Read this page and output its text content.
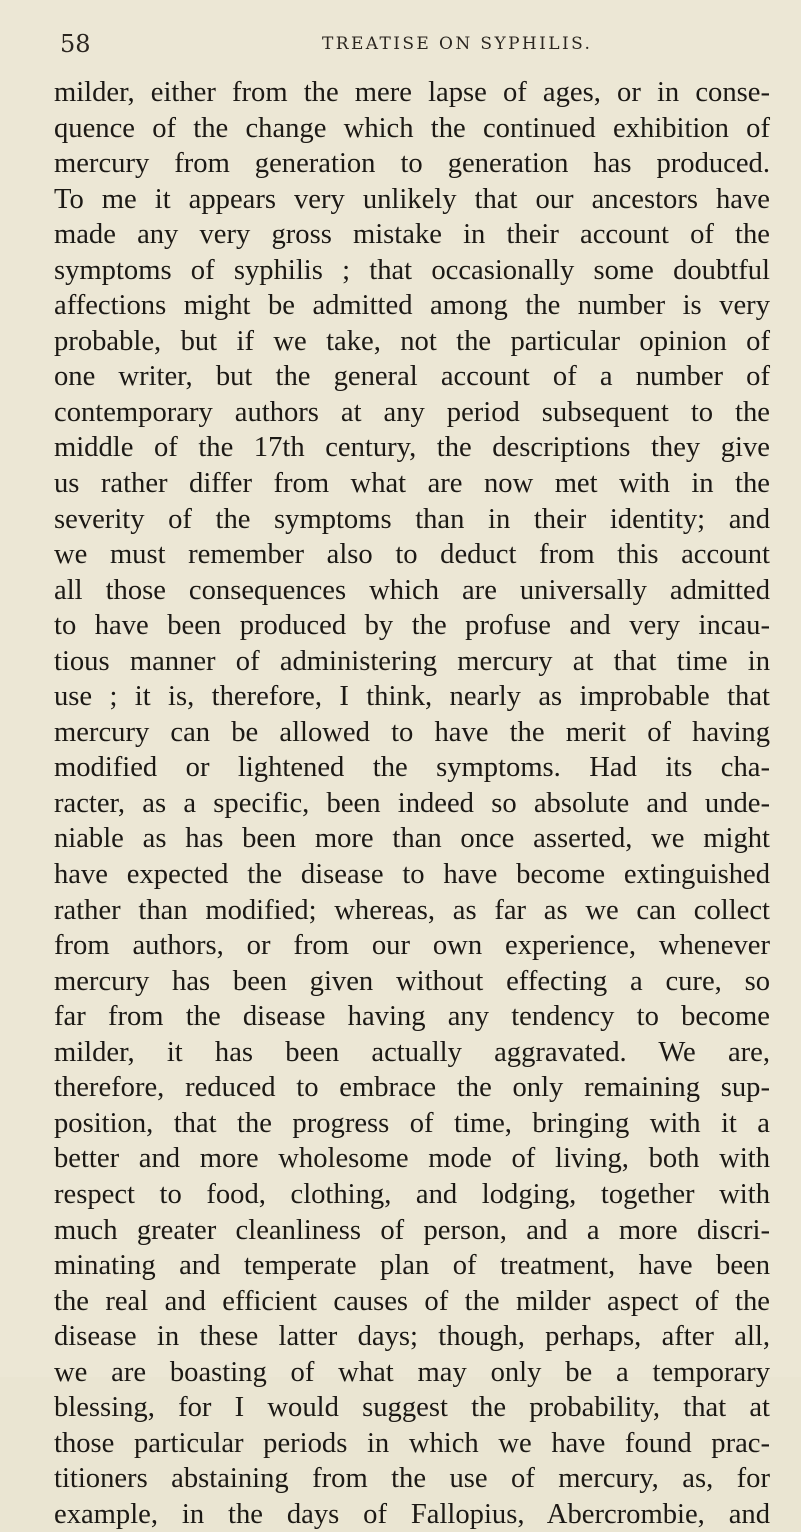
58	TREATISE ON SYPHILIS.
milder, either from the mere lapse of ages, or in conse-
quence of the change which the continued exhibition of
mercury from generation to generation has produced.
To me it appears very unlikely that our ancestors have
made any very gross mistake in their account of the
symptoms of syphilis ; that occasionally some doubtful
affections might be admitted among the number is very
probable, but if we take, not the particular opinion of
one writer, but the general account of a number of
contemporary authors at any period subsequent to the
middle of the 17th century, the descriptions they give
us rather differ from what are now met with in the
severity of the symptoms than in their identity; and
we must remember also to deduct from this account
all those consequences which are universally admitted
to have been produced by the profuse and very incau-
tious manner of administering mercury at that time in
use ; it is, therefore, I think, nearly as improbable that
mercury can be allowed to have the merit of having
modified or lightened the symptoms. Had its cha-
racter, as a specific, been indeed so absolute and unde-
niable as has been more than once asserted, we might
have expected the disease to have become extinguished
rather than modified; whereas, as far as we can collect
from authors, or from our own experience, whenever
mercury has been given without effecting a cure, so
far from the disease having any tendency to become
milder, it has been actually aggravated. We are,
therefore, reduced to embrace the only remaining sup-
position, that the progress of time, bringing with it a
better and more wholesome mode of living, both with
respect to food, clothing, and lodging, together with
much greater cleanliness of person, and a more discri-
minating and temperate plan of treatment, have been
the real and efficient causes of the milder aspect of the
disease in these latter days; though, perhaps, after all,
we are boasting of what may only be a temporary
blessing, for I would suggest the probability, that at
those particular periods in which we have found prac-
titioners abstaining from the use of mercury, as, for
example, in the days of Fallopius, Abercrombie, and
